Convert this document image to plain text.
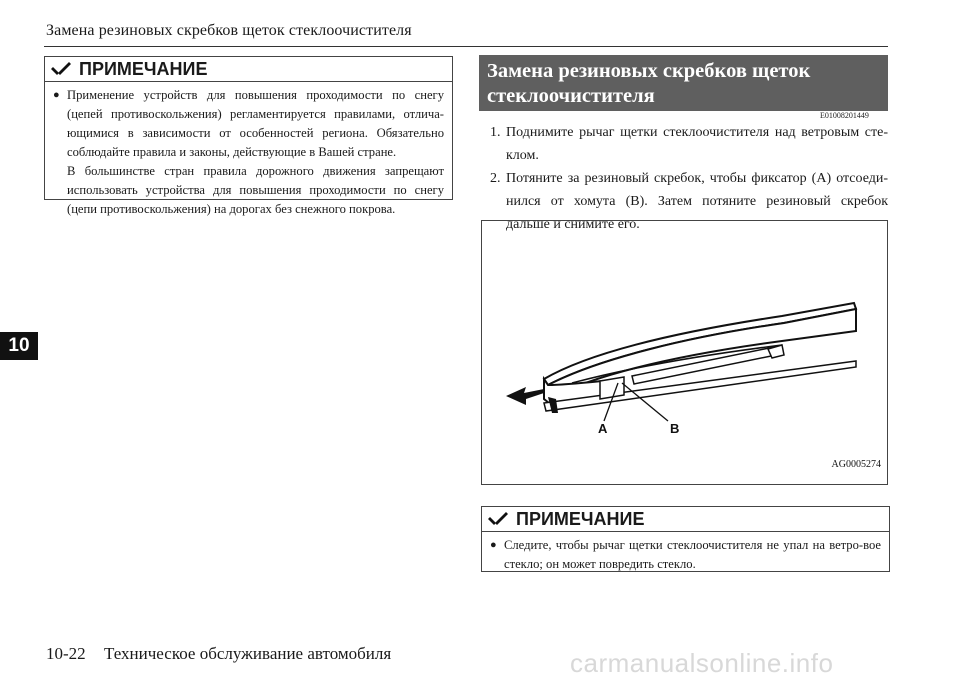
Замена резиновых скребков щеток стеклоочистителя
10
ПРИМЕЧАНИЕ
● Применение устройств для повышения проходимости по снегу (цепей противоскольжения) регламентируется правилами, отлича-ющимися в зависимости от особенностей региона. Обязательно соблюдайте правила и законы, действующие в Вашей стране.
В большинстве стран правила дорожного движения запрещают использовать устройства для повышения проходимости по снегу (цепи противоскольжения) на дорогах без снежного покрова.
Замена резиновых скребков щеток стеклоочистителя
E01008201449
1. Поднимите рычаг щетки стеклоочистителя над ветровым сте-клом.
2. Потяните за резиновый скребок, чтобы фиксатор (A) отсоеди-нился от хомута (B). Затем потяните резиновый скребок дальше и снимите его.
A	B
AG0005274
ПРИМЕЧАНИЕ
● Следите, чтобы рычаг щетки стеклоочистителя не упал на ветро-вое стекло; он может повредить стекло.
10-22 Техническое обслуживание автомобиля	carmanualsonline.info
